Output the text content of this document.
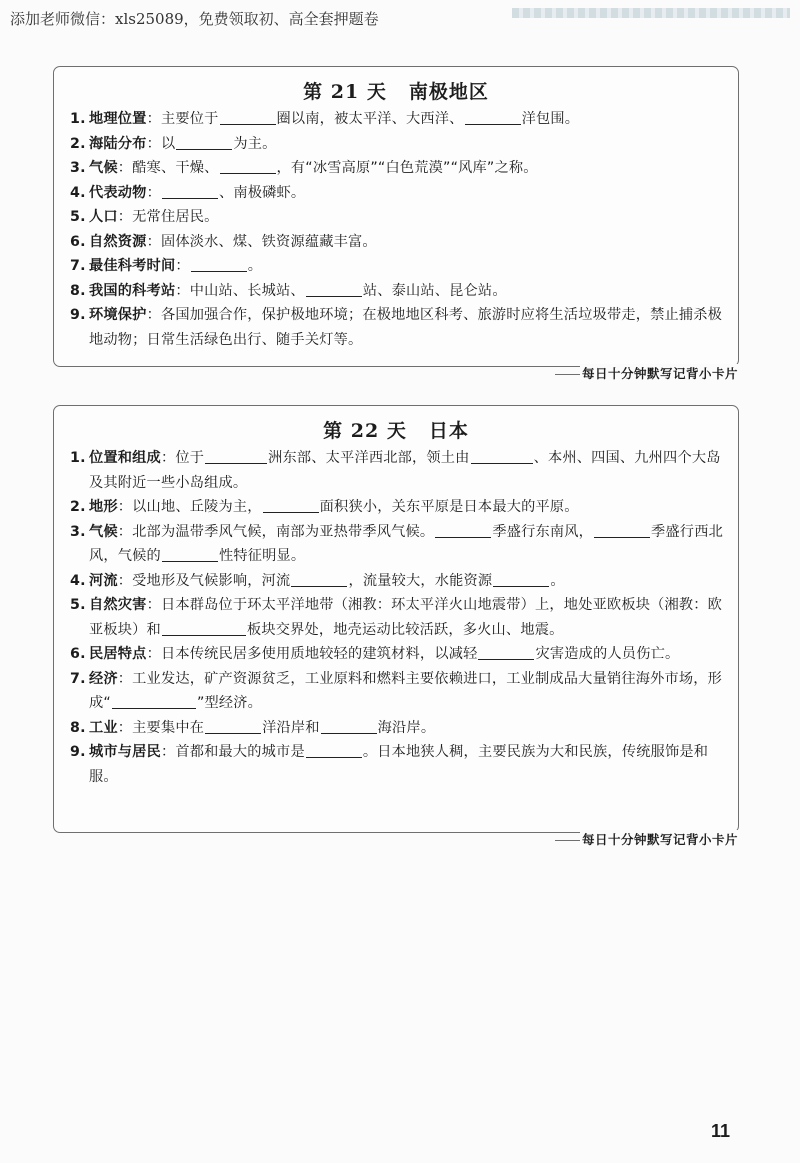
添加老师微信：xls25089，免费领取初、高全套押题卷
第 21 天 南极地区
1. 地理位置：主要位于	圈以南，被太平洋、大西洋、	洋包围。
2. 海陆分布：以	为主。
3. 气候：酷寒、干燥、	，有“冰雪高原”“白色荒漠”“风库”之称。
4. 代表动物：	、南极磷虾。
5. 人口：无常住居民。
6. 自然资源：固体淡水、煤、铁资源蕴藏丰富。
7. 最佳科考时间：	。
8. 我国的科考站：中山站、长城站、	站、泰山站、昆仑站。
9. 环境保护：各国加强合作，保护极地环境；在极地地区科考、旅游时应将生活垃圾带走，禁止捕杀极地动物；日常生活绿色出行、随手关灯等。
每日十分钟默写记背小卡片
第 22 天 日本
1. 位置和组成：位于	洲东部、太平洋西北部，领土由	、本州、四国、九州四个大岛及其附近一些小岛组成。
2. 地形：以山地、丘陵为主，	面积狭小，关东平原是日本最大的平原。
3. 气候：北部为温带季风气候，南部为亚热带季风气候。	季盛行东南风，	季盛行西北风，气候的	性特征明显。
4. 河流：受地形及气候影响，河流	，流量较大，水能资源	。
5. 自然灾害：日本群岛位于环太平洋地带（湘教：环太平洋火山地震带）上，地处亚欧板块（湘教：欧亚板块）和	板块交界处，地壳运动比较活跃，多火山、地震。
6. 民居特点：日本传统民居多使用质地较轻的建筑材料，以减轻	灾害造成的人员伤亡。
7. 经济：工业发达，矿产资源贫乏，工业原料和燃料主要依赖进口，工业制成品大量销往海外市场，形成“	”型经济。
8. 工业：主要集中在	洋沿岸和	海沿岸。
9. 城市与居民：首都和最大的城市是	。日本地狭人稠，主要民族为大和民族，传统服饰是和服。
每日十分钟默写记背小卡片
11
